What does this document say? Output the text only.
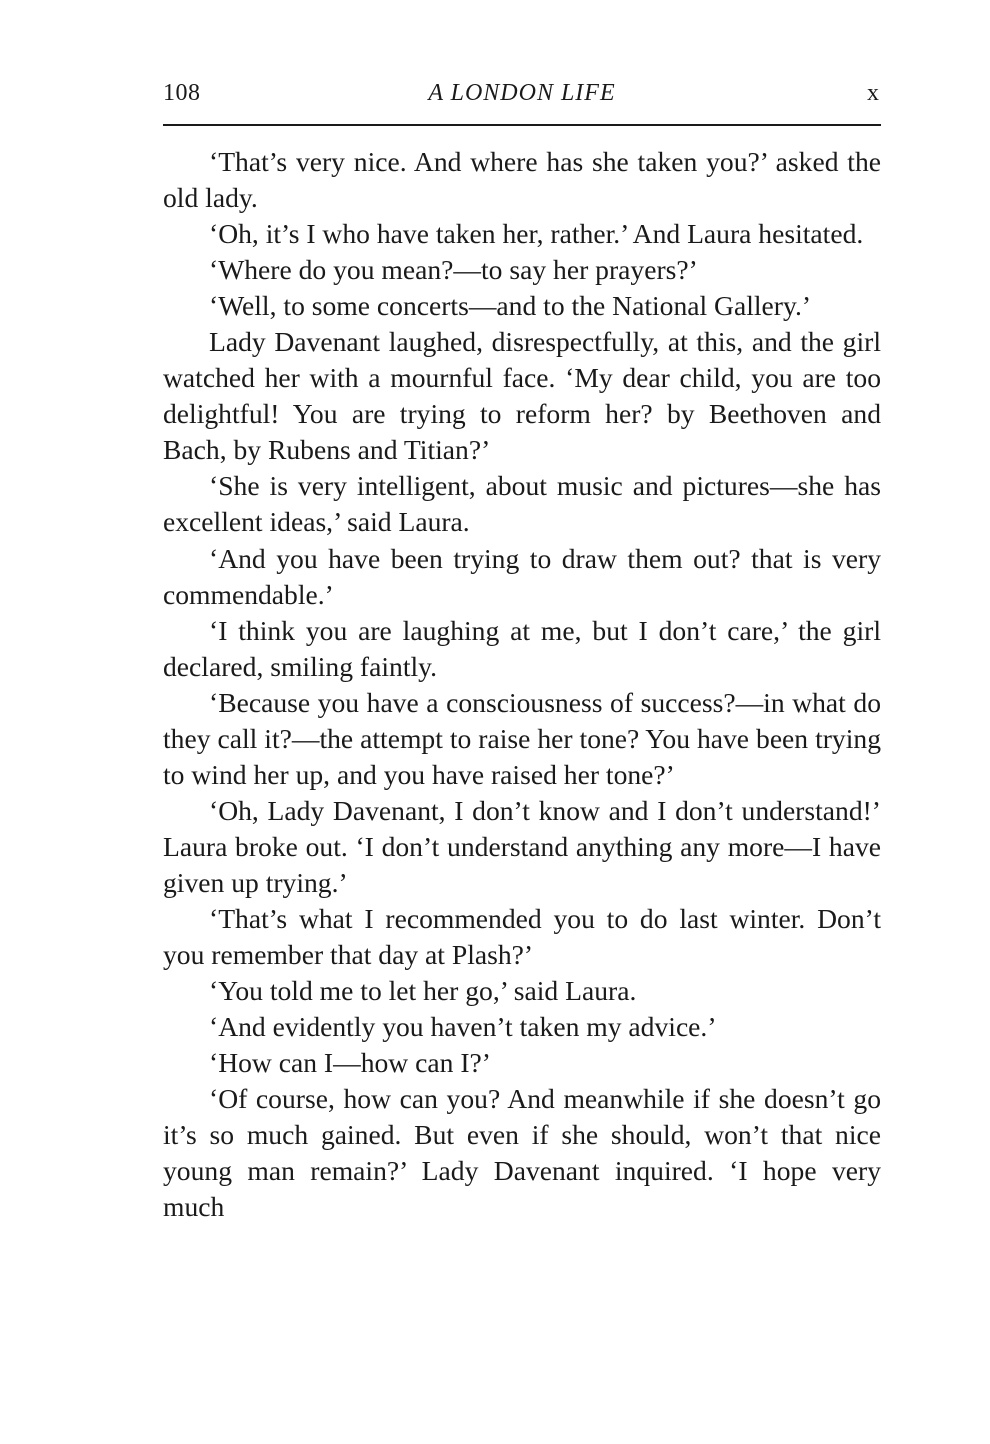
108	A LONDON LIFE	x

‘That’s very nice. And where has she taken you?’ asked the old lady.

‘Oh, it’s I who have taken her, rather.’ And Laura hesitated.

‘Where do you mean?—to say her prayers?’

‘Well, to some concerts—and to the National Gallery.’

Lady Davenant laughed, disrespectfully, at this, and the girl watched her with a mournful face. ‘My dear child, you are too delightful! You are trying to reform her? by Beethoven and Bach, by Rubens and Titian?’

‘She is very intelligent, about music and pictures—she has excellent ideas,’ said Laura.

‘And you have been trying to draw them out? that is very commendable.’

‘I think you are laughing at me, but I don’t care,’ the girl declared, smiling faintly.

‘Because you have a consciousness of success?—in what do they call it?—the attempt to raise her tone? You have been trying to wind her up, and you have raised her tone?’

‘Oh, Lady Davenant, I don’t know and I don’t understand!’ Laura broke out. ‘I don’t understand anything any more—I have given up trying.’

‘That’s what I recommended you to do last winter. Don’t you remember that day at Plash?’

‘You told me to let her go,’ said Laura.

‘And evidently you haven’t taken my advice.’

‘How can I—how can I?’

‘Of course, how can you? And meanwhile if she doesn’t go it’s so much gained. But even if she should, won’t that nice young man remain?’ Lady Davenant inquired. ‘I hope very much
